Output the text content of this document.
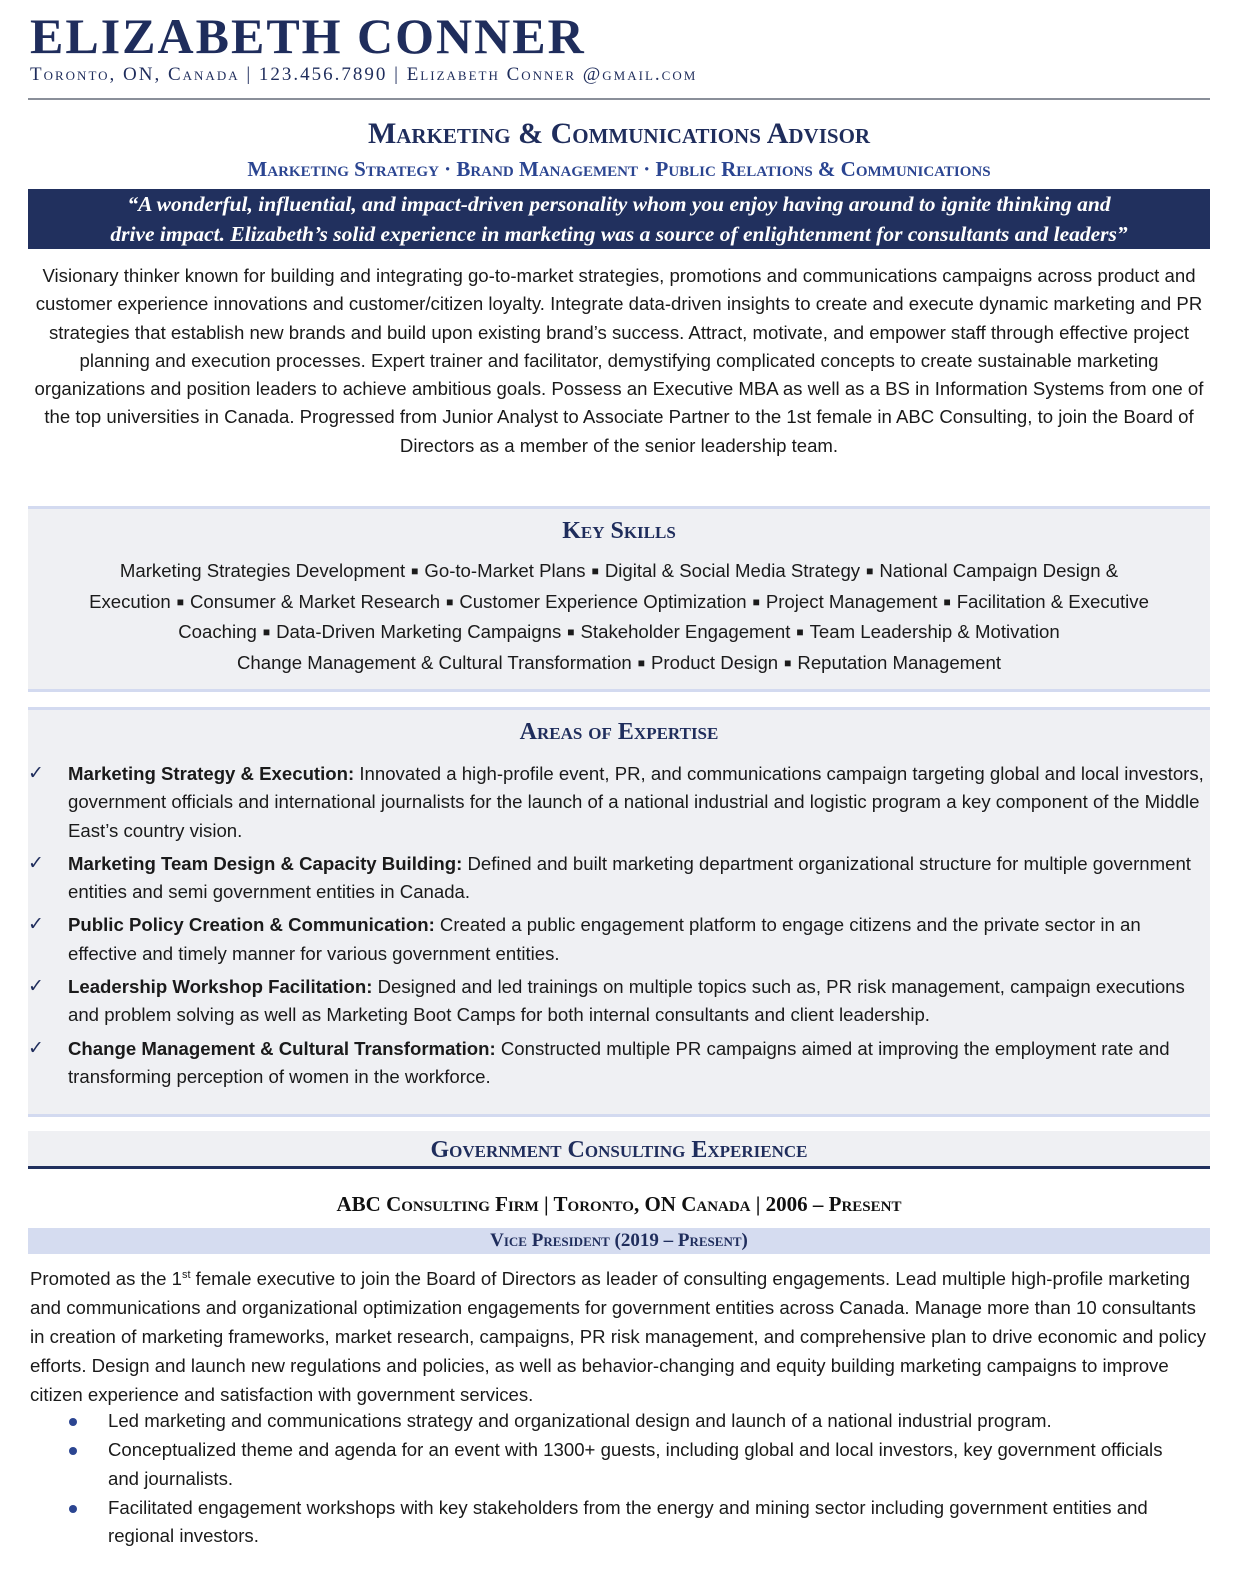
ELIZABETH CONNER
Toronto, ON, Canada | 123.456.7890 | Elizabeth Conner @gmail.com
Marketing & Communications Advisor
Marketing Strategy · Brand Management · Public Relations & Communications
“A wonderful, influential, and impact-driven personality whom you enjoy having around to ignite thinking and
drive impact. Elizabeth’s solid experience in marketing was a source of enlightenment for consultants and leaders”
Visionary thinker known for building and integrating go-to-market strategies, promotions and communications campaigns across product and customer experience innovations and customer/citizen loyalty. Integrate data-driven insights to create and execute dynamic marketing and PR strategies that establish new brands and build upon existing brand’s success. Attract, motivate, and empower staff through effective project planning and execution processes. Expert trainer and facilitator, demystifying complicated concepts to create sustainable marketing organizations and position leaders to achieve ambitious goals. Possess an Executive MBA as well as a BS in Information Systems from one of the top universities in Canada. Progressed from Junior Analyst to Associate Partner to the 1st female in ABC Consulting, to join the Board of Directors as a member of the senior leadership team.
Key Skills
Marketing Strategies Development ■ Go-to-Market Plans ■ Digital & Social Media Strategy ■ National Campaign Design & Execution ■ Consumer & Market Research ■ Customer Experience Optimization ■ Project Management ■ Facilitation & Executive Coaching ■ Data-Driven Marketing Campaigns ■ Stakeholder Engagement ■ Team Leadership & Motivation
Change Management & Cultural Transformation ■ Product Design ■ Reputation Management
Areas of Expertise
✓ Marketing Strategy & Execution: Innovated a high-profile event, PR, and communications campaign targeting global and local investors, government officials and international journalists for the launch of a national industrial and logistic program a key component of the Middle East’s country vision.
✓ Marketing Team Design & Capacity Building: Defined and built marketing department organizational structure for multiple government entities and semi government entities in Canada.
✓ Public Policy Creation & Communication: Created a public engagement platform to engage citizens and the private sector in an effective and timely manner for various government entities.
✓ Leadership Workshop Facilitation: Designed and led trainings on multiple topics such as, PR risk management, campaign executions and problem solving as well as Marketing Boot Camps for both internal consultants and client leadership.
✓ Change Management & Cultural Transformation: Constructed multiple PR campaigns aimed at improving the employment rate and transforming perception of women in the workforce.
Government Consulting Experience
ABC Consulting Firm | Toronto, ON Canada | 2006 – Present
Vice President (2019 – Present)
Promoted as the 1st female executive to join the Board of Directors as leader of consulting engagements. Lead multiple high-profile marketing and communications and organizational optimization engagements for government entities across Canada. Manage more than 10 consultants in creation of marketing frameworks, market research, campaigns, PR risk management, and comprehensive plan to drive economic and policy efforts. Design and launch new regulations and policies, as well as behavior-changing and equity building marketing campaigns to improve citizen experience and satisfaction with government services.
Led marketing and communications strategy and organizational design and launch of a national industrial program.
Conceptualized theme and agenda for an event with 1300+ guests, including global and local investors, key government officials and journalists.
Facilitated engagement workshops with key stakeholders from the energy and mining sector including government entities and regional investors.
